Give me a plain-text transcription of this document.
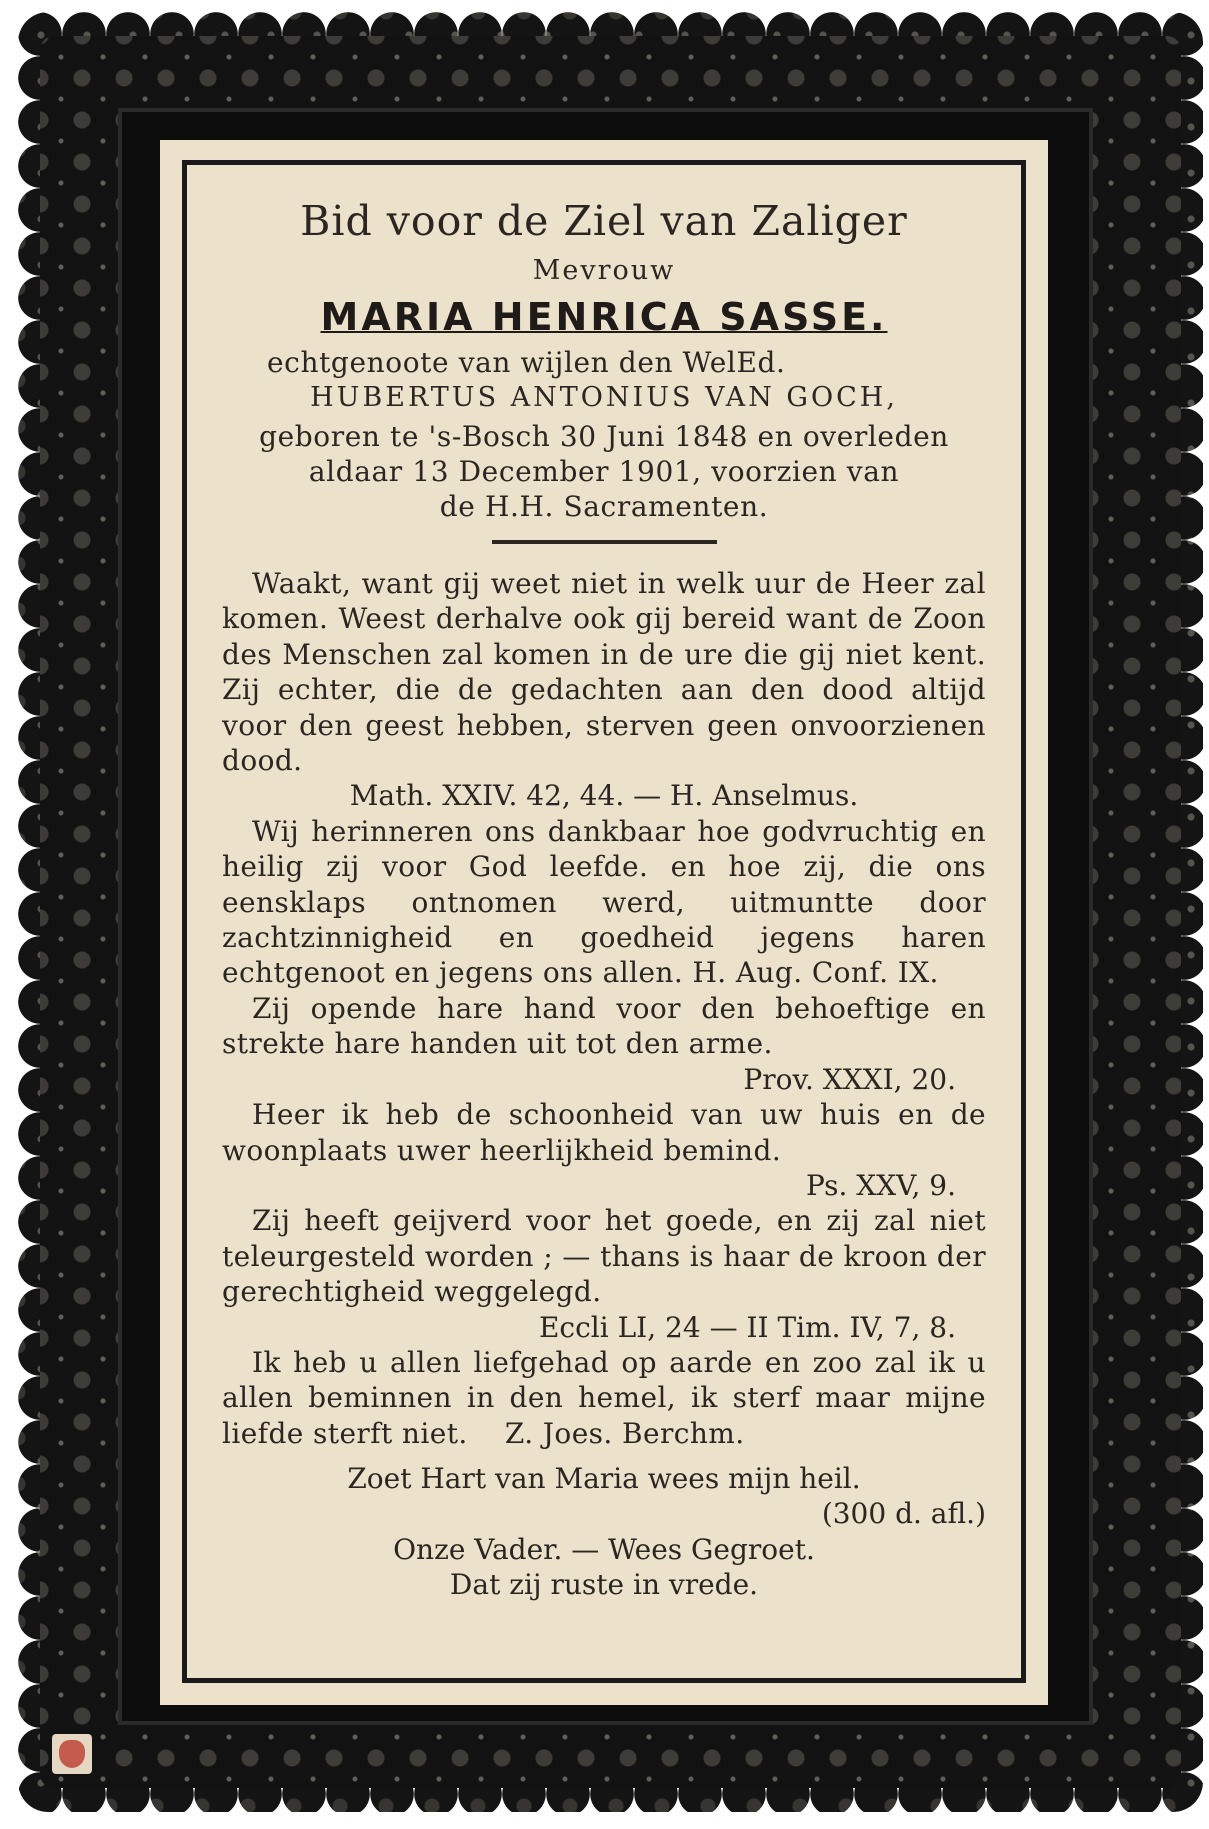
Bid voor de Ziel van Zaliger
Mevrouw
MARIA HENRICA SASSE.
echtgenoote van wijlen den WelEd.
HUBERTUS ANTONIUS VAN GOCH,
geboren te 's-Bosch 30 Juni 1848 en overleden
aldaar 13 December 1901, voorzien van
de H.H. Sacramenten.
Waakt, want gij weet niet in welk uur de Heer zal komen. Weest derhalve ook gij bereid want de Zoon des Menschen zal komen in de ure die gij niet kent. Zij echter, die de gedachten aan den dood altijd voor den geest hebben, sterven geen onvoorzienen dood.
Math. XXIV. 42, 44. — H. Anselmus.
Wij herinneren ons dankbaar hoe godvruchtig en heilig zij voor God leefde. en hoe zij, die ons eensklaps ontnomen werd, uitmuntte door zachtzinnigheid en goedheid jegens haren echtgenoot en jegens ons allen. H. Aug. Conf. IX.
Zij opende hare hand voor den behoeftige en strekte hare handen uit tot den arme.
Prov. XXXI, 20.
Heer ik heb de schoonheid van uw huis en de woonplaats uwer heerlijkheid bemind.
Ps. XXV, 9.
Zij heeft geijverd voor het goede, en zij zal niet teleurgesteld worden ; — thans is haar de kroon der gerechtigheid weggelegd.
Eccli LI, 24 — II Tim. IV, 7, 8.
Ik heb u allen liefgehad op aarde en zoo zal ik u allen beminnen in den hemel, ik sterf maar mijne liefde sterft niet.    Z. Joes. Berchm.
Zoet Hart van Maria wees mijn heil.
(300 d. afl.)
Onze Vader. — Wees Gegroet.
Dat zij ruste in vrede.
